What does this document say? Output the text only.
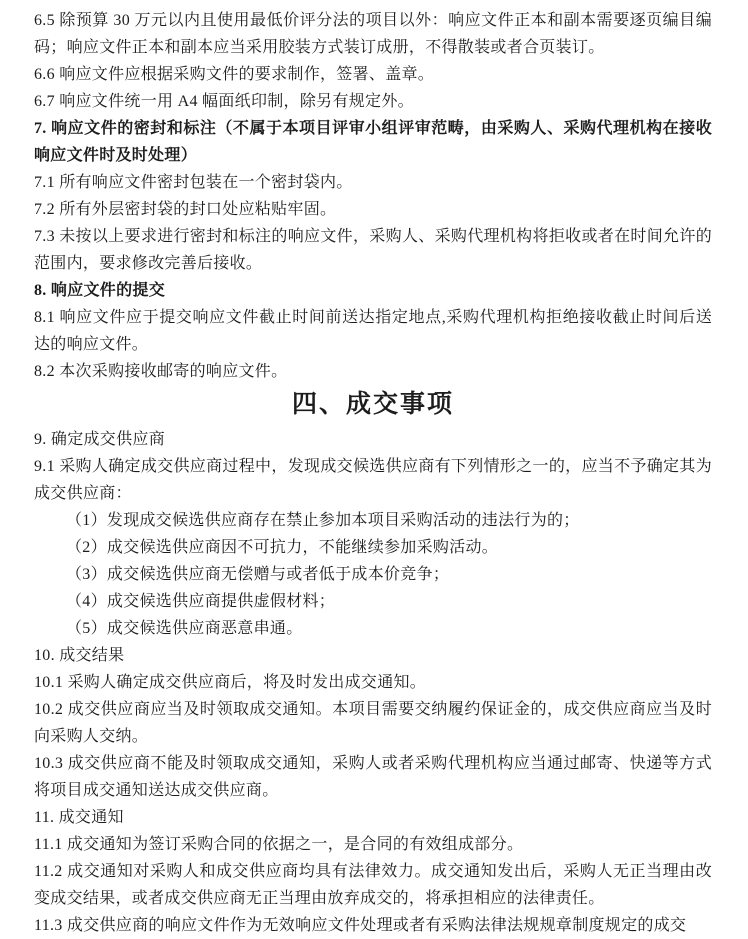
6.5 除预算 30 万元以内且使用最低价评分法的项目以外：响应文件正本和副本需要逐页编目编码；响应文件正本和副本应当采用胶装方式装订成册，不得散装或者合页装订。

6.6 响应文件应根据采购文件的要求制作，签署、盖章。

6.7 响应文件统一用 A4 幅面纸印制，除另有规定外。

7. 响应文件的密封和标注（不属于本项目评审小组评审范畴，由采购人、采购代理机构在接收响应文件时及时处理）

7.1 所有响应文件密封包装在一个密封袋内。

7.2 所有外层密封袋的封口处应粘贴牢固。

7.3 未按以上要求进行密封和标注的响应文件，采购人、采购代理机构将拒收或者在时间允许的范围内，要求修改完善后接收。

8. 响应文件的提交

8.1 响应文件应于提交响应文件截止时间前送达指定地点,采购代理机构拒绝接收截止时间后送达的响应文件。

8.2 本次采购接收邮寄的响应文件。

四、成交事项

9. 确定成交供应商

9.1 采购人确定成交供应商过程中，发现成交候选供应商有下列情形之一的，应当不予确定其为成交供应商：

（1）发现成交候选供应商存在禁止参加本项目采购活动的违法行为的；

（2）成交候选供应商因不可抗力，不能继续参加采购活动。

（3）成交候选供应商无偿赠与或者低于成本价竞争；

（4）成交候选供应商提供虚假材料；

（5）成交候选供应商恶意串通。

10. 成交结果

10.1 采购人确定成交供应商后，将及时发出成交通知。

10.2 成交供应商应当及时领取成交通知。本项目需要交纳履约保证金的，成交供应商应当及时向采购人交纳。

10.3 成交供应商不能及时领取成交通知，采购人或者采购代理机构应当通过邮寄、快递等方式将项目成交通知送达成交供应商。

11. 成交通知

11.1 成交通知为签订采购合同的依据之一，是合同的有效组成部分。

11.2 成交通知对采购人和成交供应商均具有法律效力。成交通知发出后，采购人无正当理由改变成交结果，或者成交供应商无正当理由放弃成交的，将承担相应的法律责任。

11.3 成交供应商的响应文件作为无效响应文件处理或者有采购法律法规规章制度规定的成交
